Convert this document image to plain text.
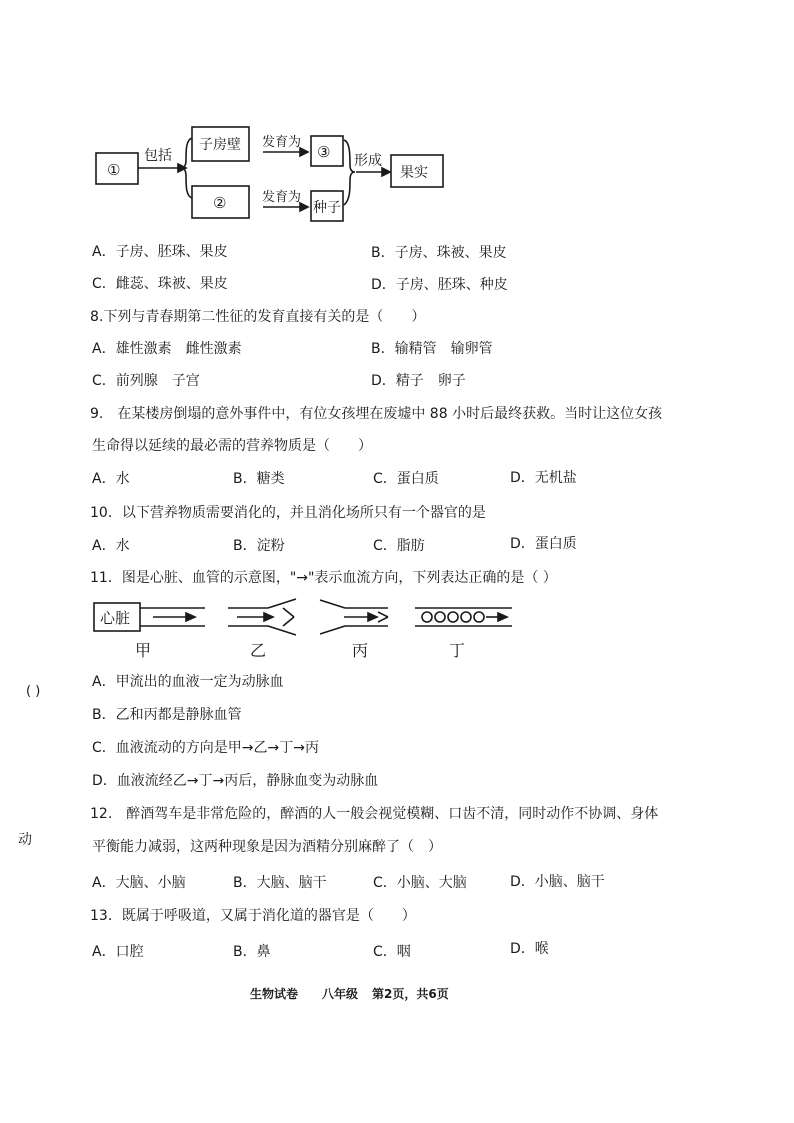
①
包括
子房壁
②
发育为
发育为
③
种子
形成
果实
A．子房、胚珠、果皮	B．子房、珠被、果皮
C．雌蕊、珠被、果皮	D．子房、胚珠、种皮
8.下列与青春期第二性征的发育直接有关的是（　　）
A．雄性激素　雌性激素	B．输精管　输卵管
C．前列腺　子宫	D．精子　卵子
9.　在某楼房倒塌的意外事件中，有位女孩埋在废墟中 88 小时后最终获救。当时让这位女孩
生命得以延续的最必需的营养物质是（　　）
A．水	B．糖类	C．蛋白质	D．无机盐
10．以下营养物质需要消化的，并且消化场所只有一个器官的是
A．水	B．淀粉	C．脂肪	D．蛋白质
11．图是心脏、血管的示意图，"→"表示血流方向，下列表达正确的是（ ）
心脏
甲	乙	丙	丁
A．甲流出的血液一定为动脉血
B．乙和丙都是静脉血管
C．血液流动的方向是甲→乙→丁→丙
D．血液流经乙→丁→丙后，静脉血变为动脉血
( )
动
12.　醉酒驾车是非常危险的，醉酒的人一般会视觉模糊、口齿不清，同时动作不协调、身体
平衡能力减弱，这两种现象是因为酒精分别麻醉了（　）
A．大脑、小脑	B．大脑、脑干	C．小脑、大脑	D．小脑、脑干
13．既属于呼吸道，又属于消化道的器官是（　　）
A．口腔	B．鼻	C．咽	D．喉
生物试卷 八年级 第2页，共6页
